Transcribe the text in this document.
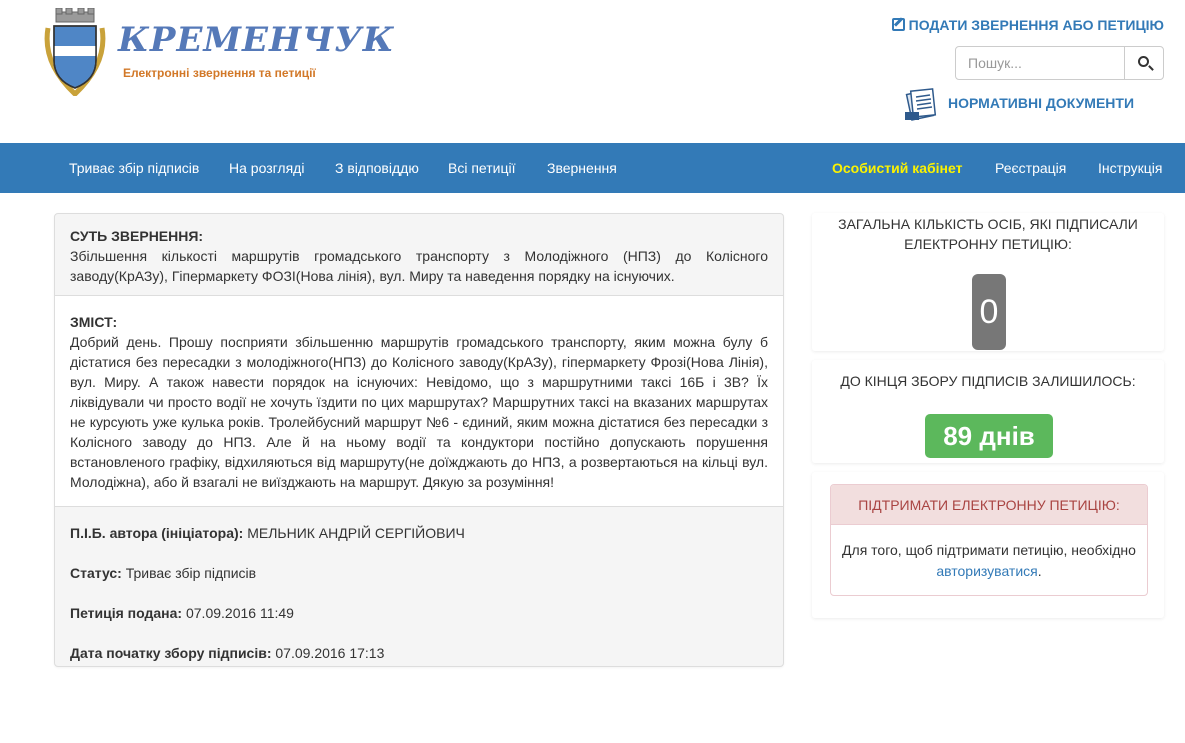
КРЕМЕНЧУК
Електронні звернення та петиції
ПОДАТИ ЗВЕРНЕННЯ АБО ПЕТИЦІЮ
Пошук...
НОРМАТИВНІ ДОКУМЕНТИ
Триває збір підписів На розгляді З відповіддю Всі петиції Звернення	Особистий кабінет Реєстрація Інструкція
СУТЬ ЗВЕРНЕННЯ:
Збільшення кількості маршрутів громадського транспорту з Молодіжного (НПЗ) до Колісного заводу(КрАЗу), Гіпермаркету ФОЗІ(Нова лінія), вул. Миру та наведення порядку на існуючих.
ЗМІСТ:
Добрий день. Прошу посприяти збільшенню маршрутів громадського транспорту, яким можна булу б дістатися без пересадки з молодіжного(НПЗ) до Колісного заводу(КрАЗу), гіпермаркету Фрозі(Нова Лінія), вул. Миру. А також навести порядок на існуючих: Невідомо, що з маршрутними таксі 16Б і 3В? Їх ліквідували чи просто водії не хочуть їздити по цих маршрутах? Маршрутних таксі на вказаних маршрутах не курсують уже кулька років. Тролейбусний маршрут №6 - єдиний, яким можна дістатися без пересадки з Колісного заводу до НПЗ. Але й на ньому водії та кондуктори постійно допускають порушення встановленого графіку, відхиляються від маршруту(не доїжджають до НПЗ, а розвертаються на кільці вул. Молодіжна), або й взагалі не виїзджають на маршрут. Дякую за розуміння!
П.І.Б. автора (ініціатора): МЕЛЬНИК АНДРІЙ СЕРГІЙОВИЧ
Статус: Триває збір підписів
Петиція подана: 07.09.2016 11:49
Дата початку збору підписів: 07.09.2016 17:13
ЗАГАЛЬНА КІЛЬКІСТЬ ОСІБ, ЯКІ ПІДПИСАЛИ ЕЛЕКТРОННУ ПЕТИЦІЮ:
0
ДО КІНЦЯ ЗБОРУ ПІДПИСІВ ЗАЛИШИЛОСЬ:
89 днів
ПІДТРИМАТИ ЕЛЕКТРОННУ ПЕТИЦІЮ:
Для того, щоб підтримати петицію, необхідно авторизуватися.
